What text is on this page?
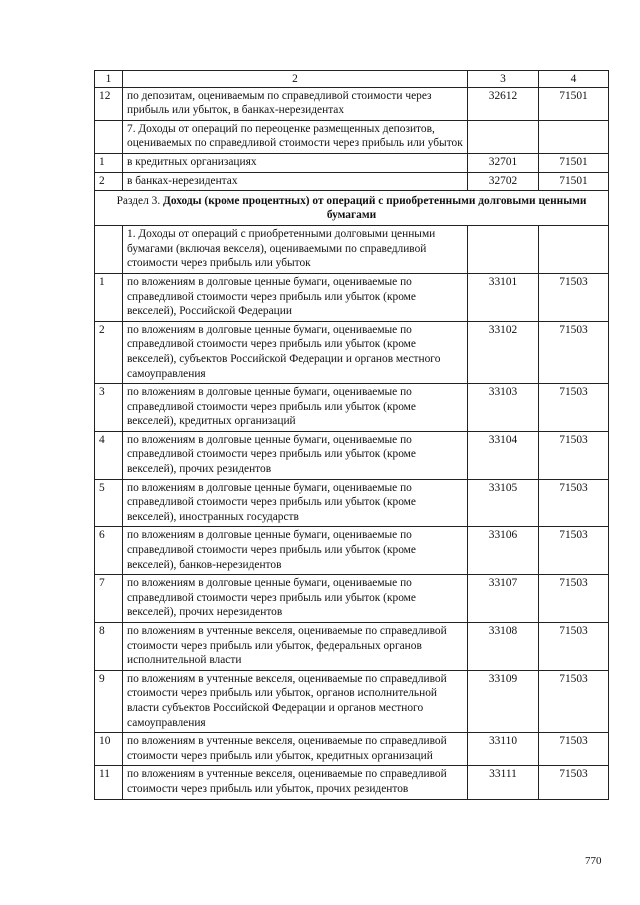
1	2	3	4
12	по депозитам, оцениваемым по справедливой стоимости через прибыль или убыток, в банках-нерезидентах	32612	71501
	7. Доходы от операций по переоценке размещенных депозитов, оцениваемых по справедливой стоимости через прибыль или убыток		
1	в кредитных организациях	32701	71501
2	в банках-нерезидентах	32702	71501
Раздел 3. Доходы (кроме процентных) от операций с приобретенными долговыми ценными бумагами			
	1. Доходы от операций с приобретенными долговыми ценными бумагами (включая векселя), оцениваемыми по справедливой стоимости через прибыль или убыток		
1	по вложениям в долговые ценные бумаги, оцениваемые по справедливой стоимости через прибыль или убыток (кроме векселей), Российской Федерации	33101	71503
2	по вложениям в долговые ценные бумаги, оцениваемые по справедливой стоимости через прибыль или убыток (кроме векселей), субъектов Российской Федерации и органов местного самоуправления	33102	71503
3	по вложениям в долговые ценные бумаги, оцениваемые по справедливой стоимости через прибыль или убыток (кроме векселей), кредитных организаций	33103	71503
4	по вложениям в долговые ценные бумаги, оцениваемые по справедливой стоимости через прибыль или убыток (кроме векселей), прочих резидентов	33104	71503
5	по вложениям в долговые ценные бумаги, оцениваемые по справедливой стоимости через прибыль или убыток (кроме векселей), иностранных государств	33105	71503
6	по вложениям в долговые ценные бумаги, оцениваемые по справедливой стоимости через прибыль или убыток (кроме векселей), банков-нерезидентов	33106	71503
7	по вложениям в долговые ценные бумаги, оцениваемые по справедливой стоимости через прибыль или убыток (кроме векселей), прочих нерезидентов	33107	71503
8	по вложениям в учтенные векселя, оцениваемые по справедливой стоимости через прибыль или убыток, федеральных органов исполнительной власти	33108	71503
9	по вложениям в учтенные векселя, оцениваемые по справедливой стоимости через прибыль или убыток, органов исполнительной власти субъектов Российской Федерации и органов местного самоуправления	33109	71503
10	по вложениям в учтенные векселя, оцениваемые по справедливой стоимости через прибыль или убыток, кредитных организаций	33110	71503
11	по вложениям в учтенные векселя, оцениваемые по справедливой стоимости через прибыль или убыток, прочих резидентов	33111	71503
770
